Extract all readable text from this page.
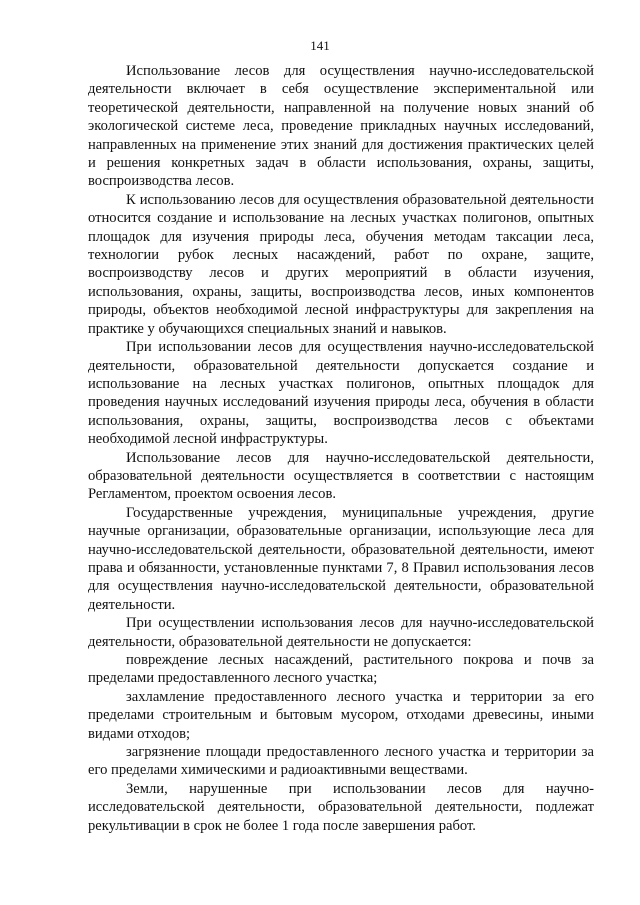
141

Использование лесов для осуществления научно-исследовательской деятельности включает в себя осуществление экспериментальной или теоретической деятельности, направленной на получение новых знаний об экологической системе леса, проведение прикладных научных исследований, направленных на применение этих знаний для достижения практических целей и решения конкретных задач в области использования, охраны, защиты, воспроизводства лесов.

К использованию лесов для осуществления образовательной деятельности относится создание и использование на лесных участках полигонов, опытных площадок для изучения природы леса, обучения методам таксации леса, технологии рубок лесных насаждений, работ по охране, защите, воспроизводству лесов и других мероприятий в области изучения, использования, охраны, защиты, воспроизводства лесов, иных компонентов природы, объектов необходимой лесной инфраструктуры для закрепления на практике у обучающихся специальных знаний и навыков.

При использовании лесов для осуществления научно-исследовательской деятельности, образовательной деятельности допускается создание и использование на лесных участках полигонов, опытных площадок для проведения научных исследований изучения природы леса, обучения в области использования, охраны, защиты, воспроизводства лесов с объектами необходимой лесной инфраструктуры.

Использование лесов для научно-исследовательской деятельности, образовательной деятельности осуществляется в соответствии с настоящим Регламентом, проектом освоения лесов.

Государственные учреждения, муниципальные учреждения, другие научные организации, образовательные организации, использующие леса для научно-исследовательской деятельности, образовательной деятельности, имеют права и обязанности, установленные пунктами 7, 8 Правил использования лесов для осуществления научно-исследовательской деятельности, образовательной деятельности.

При осуществлении использования лесов для научно-исследовательской деятельности, образовательной деятельности не допускается:

повреждение лесных насаждений, растительного покрова и почв за пределами предоставленного лесного участка;

захламление предоставленного лесного участка и территории за его пределами строительным и бытовым мусором, отходами древесины, иными видами отходов;

загрязнение площади предоставленного лесного участка и территории за его пределами химическими и радиоактивными веществами.

Земли, нарушенные при использовании лесов для научно-исследовательской деятельности, образовательной деятельности, подлежат рекультивации в срок не более 1 года после завершения работ.
